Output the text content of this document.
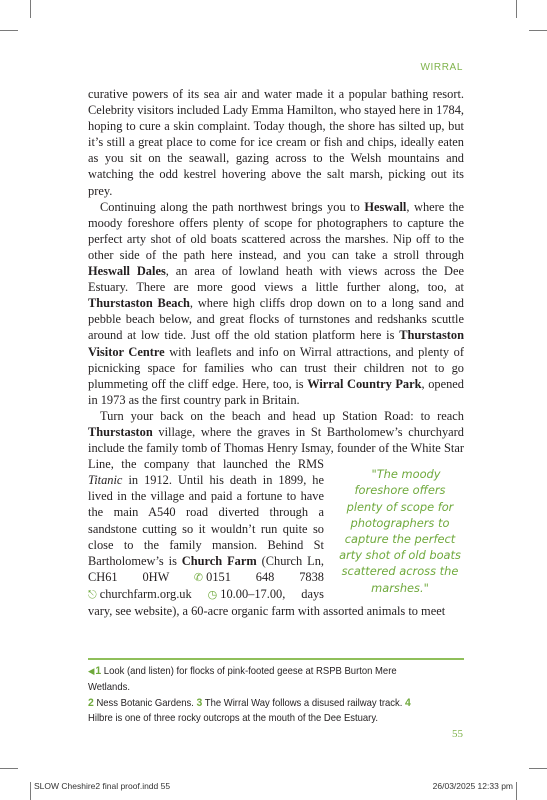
WIRRAL

curative powers of its sea air and water made it a popular bathing resort. Celebrity visitors included Lady Emma Hamilton, who stayed here in 1784, hoping to cure a skin complaint. Today though, the shore has silted up, but it’s still a great place to come for ice cream or fish and chips, ideally eaten as you sit on the seawall, gazing across to the Welsh mountains and watching the odd kestrel hovering above the salt marsh, picking out its prey.

Continuing along the path northwest brings you to Heswall, where the moody foreshore offers plenty of scope for photographers to capture the perfect arty shot of old boats scattered across the marshes. Nip off to the other side of the path here instead, and you can take a stroll through Heswall Dales, an area of lowland heath with views across the Dee Estuary. There are more good views a little further along, too, at Thurstaston Beach, where high cliffs drop down on to a long sand and pebble beach below, and great flocks of turnstones and redshanks scuttle around at low tide. Just off the old station platform here is Thurstaston Visitor Centre with leaflets and info on Wirral attractions, and plenty of picnicking space for families who can trust their children not to go plummeting off the cliff edge. Here, too, is Wirral Country Park, opened in 1973 as the first country park in Britain.

Turn your back on the beach and head up Station Road: to reach Thurstaston village, where the graves in St Bartholomew’s churchyard include the family tomb of Thomas Henry Ismay, founder of the White Star Line, the company that launched the RMS
"The moody foreshore offers plenty of scope for photographers to capture the perfect arty shot of old boats scattered across the marshes."
Titanic in 1912. Until his death in 1899, he lived in the village and paid a fortune to have the main A540 road diverted through a sandstone cutting so it wouldn’t run quite so close to the family mansion. Behind St Bartholomew’s is Church Farm (Church Ln, CH61 0HW ✆ 0151 648 7838 ⎋ churchfarm.org.uk ◷ 10.00–17.00, days vary, see website), a 60-acre organic farm with assorted animals to meet

◀1 Look (and listen) for flocks of pink-footed geese at RSPB Burton Mere Wetlands.
2 Ness Botanic Gardens. 3 The Wirral Way follows a disused railway track. 4 Hilbre is one of three rocky outcrops at the mouth of the Dee Estuary.
55
SLOW Cheshire2 final proof.indd 55	26/03/2025 12:33 pm
